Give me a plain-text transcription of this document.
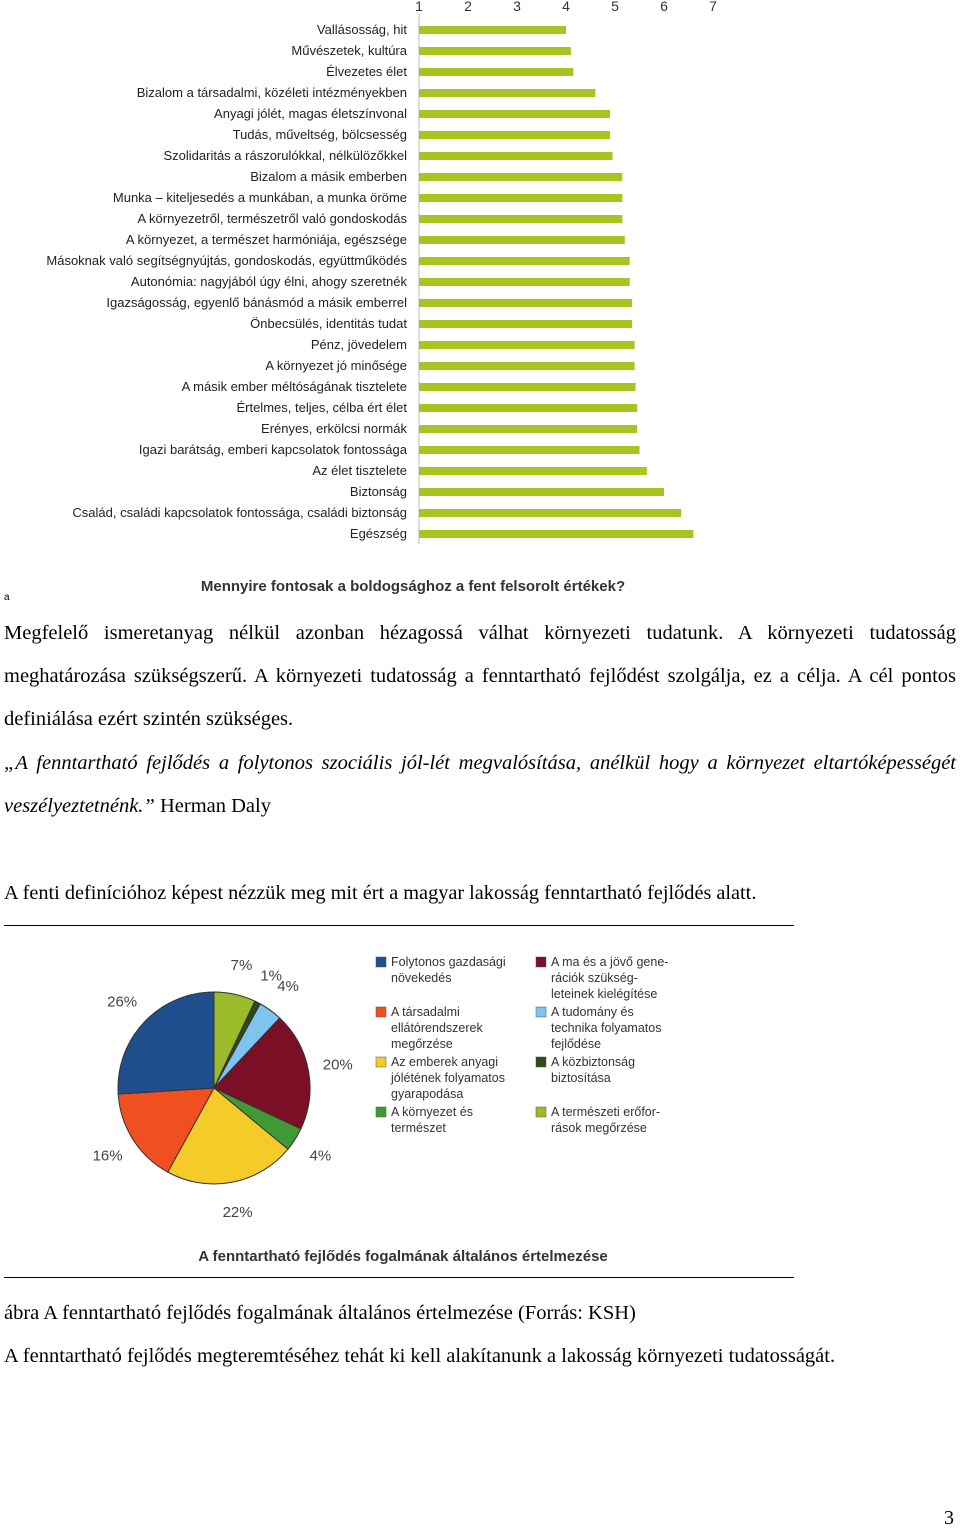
1	2	3	4	5	6	7
Vallásosság, hit
Művészetek, kultúra
Élvezetes élet
Bizalom a társadalmi, közéleti intézményekben
Anyagi jólét, magas életszínvonal
Tudás, műveltség, bölcsesség
Szolidaritás a rászorulókkal, nélkülözőkkel
Bizalom a másik emberben
Munka – kiteljesedés a munkában, a munka öröme
A környezetről, természetről való gondoskodás
A környezet, a természet harmóniája, egészsége
Másoknak való segítségnyújtás, gondoskodás, együttműködés
Autonómia: nagyjából úgy élni, ahogy szeretnék
Igazságosság, egyenlő bánásmód a másik emberrel
Önbecsülés, identitás tudat
Pénz, jövedelem
A környezet jó minősége
A másik ember méltóságának tisztelete
Értelmes, teljes, célba ért élet
Erényes, erkölcsi normák
Igazi barátság, emberi kapcsolatok fontossága
Az élet tisztelete
Biztonság
Család, családi kapcsolatok fontossága, családi biztonság
Egészség
Mennyire fontosak a boldogsághoz a fent felsorolt értékek?
a

Megfelelő ismeretanyag nélkül azonban hézagossá válhat környezeti tudatunk. A környezeti tudatosság meghatározása szükségszerű. A környezeti tudatosság a fenntartható fejlődést szolgálja, ez a célja. A cél pontos definiálása ezért szintén szükséges.

„A fenntartható fejlődés a folytonos szociális jól-lét megvalósítása, anélkül hogy a környezet eltartóképességét veszélyeztetnénk.” Herman Daly

A fenti definícióhoz képest nézzük meg mit ért a magyar lakosság fenntartható fejlődés alatt.

7%
1%
4%
20%
4%
22%
16%
26%
Folytonos gazdasági
növekedés
A ma és a jövő gene-
rációk szükség-
leteinek kielégítése
A társadalmi
ellátórendszerek
megőrzése
A tudomány és
technika folyamatos
fejlődése
Az emberek anyagi
jólétének folyamatos
gyarapodása
A közbiztonság
biztosítása
A környezet és
természet
A természeti erőfor-
rások megőrzése
A fenntartható fejlődés fogalmának általános értelmezése

ábra A fenntartható fejlődés fogalmának általános értelmezése (Forrás: KSH)

A fenntartható fejlődés megteremtéséhez tehát ki kell alakítanunk a lakosság környezeti tudatosságát.

3
